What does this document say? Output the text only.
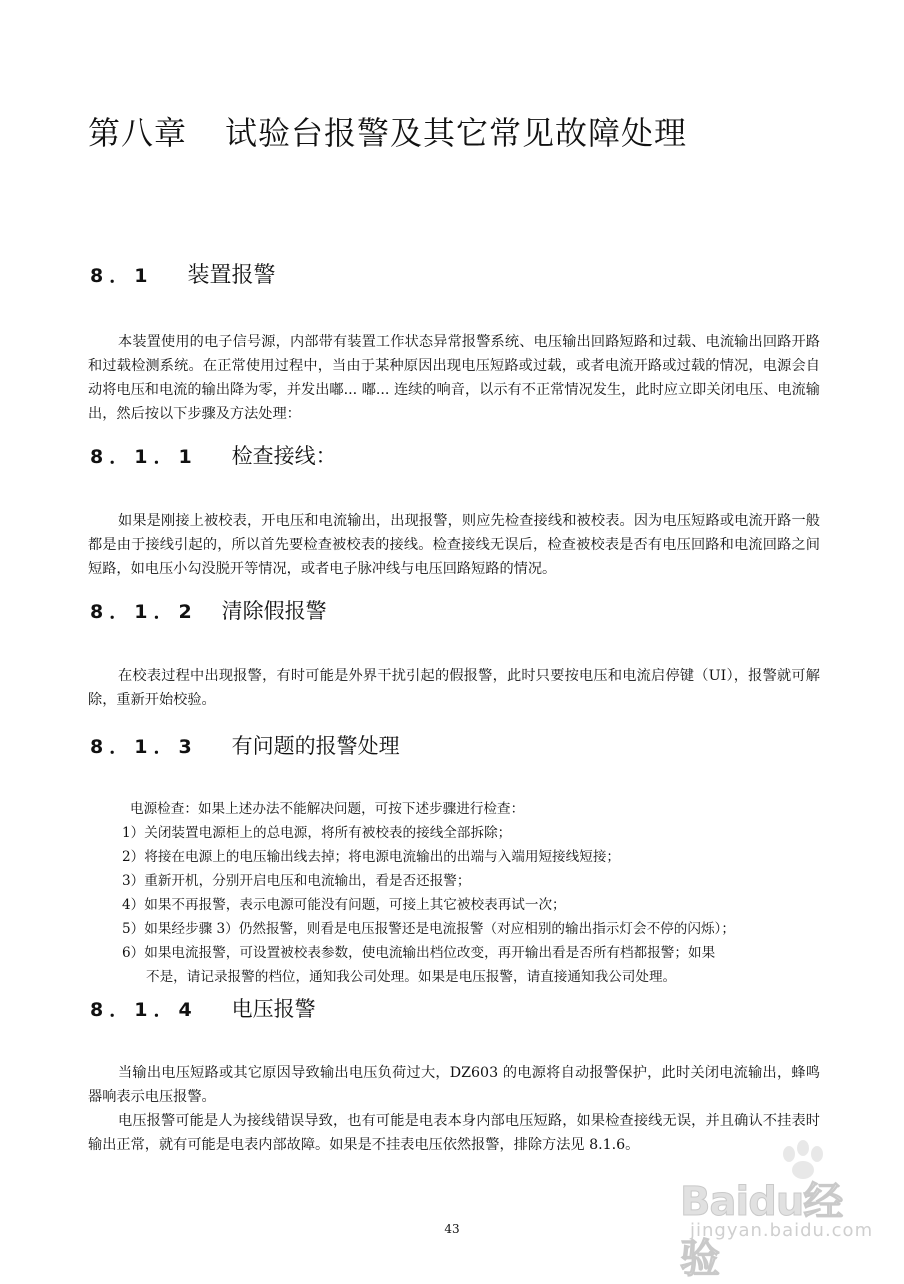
第八章 试验台报警及其它常见故障处理
8．1 装置报警

本装置使用的电子信号源，内部带有装置工作状态异常报警系统、电压输出回路短路和过载、电流输出回路开路和过载检测系统。在正常使用过程中，当由于某种原因出现电压短路或过载，或者电流开路或过载的情况，电源会自动将电压和电流的输出降为零，并发出嘟... 嘟... 连续的响音，以示有不正常情况发生，此时应立即关闭电压、电流输出，然后按以下步骤及方法处理：

8．1．1 检查接线：

如果是刚接上被校表，开电压和电流输出，出现报警，则应先检查接线和被校表。因为电压短路或电流开路一般都是由于接线引起的，所以首先要检查被校表的接线。检查接线无误后，检查被校表是否有电压回路和电流回路之间短路，如电压小勾没脱开等情况，或者电子脉冲线与电压回路短路的情况。

8．1．2 清除假报警

在校表过程中出现报警，有时可能是外界干扰引起的假报警，此时只要按电压和电流启停键（UI），报警就可解除，重新开始校验。

8．1．3 有问题的报警处理
电源检查：如果上述办法不能解决问题，可按下述步骤进行检查：
1）关闭装置电源柜上的总电源，将所有被校表的接线全部拆除；
2）将接在电源上的电压输出线去掉；将电源电流输出的出端与入端用短接线短接；
3）重新开机，分别开启电压和电流输出，看是否还报警；
4）如果不再报警，表示电源可能没有问题，可接上其它被校表再试一次；
5）如果经步骤 3）仍然报警，则看是电压报警还是电流报警（对应相别的输出指示灯会不停的闪烁）；
6）如果电流报警，可设置被校表参数，使电流输出档位改变，再开输出看是否所有档都报警；如果
不是，请记录报警的档位，通知我公司处理。如果是电压报警，请直接通知我公司处理。
8．1．4 电压报警

当输出电压短路或其它原因导致输出电压负荷过大，DZ603 的电源将自动报警保护，此时关闭电流输出，蜂鸣器响表示电压报警。

电压报警可能是人为接线错误导致，也有可能是电表本身内部电压短路，如果检查接线无误，并且确认不挂表时输出正常，就有可能是电表内部故障。如果是不挂表电压依然报警，排除方法见 8.1.6。

43
Baidu经验
jingyan.baidu.com
